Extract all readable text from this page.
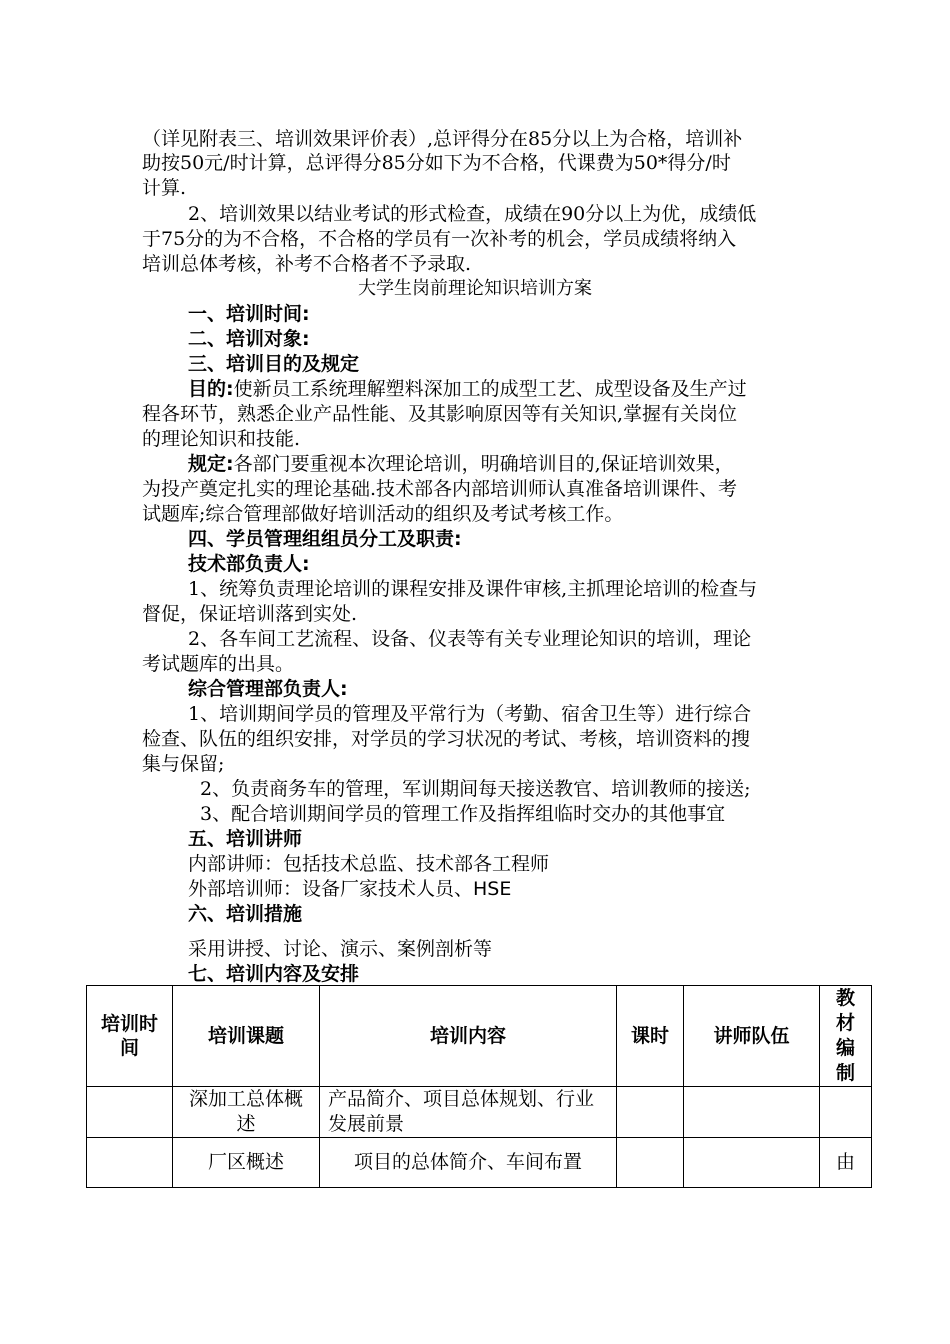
（详见附表三、培训效果评价表）,总评得分在85分以上为合格，培训补
助按50元/时计算，总评得分85分如下为不合格，代课费为50*得分/时
计算.
2、培训效果以结业考试的形式检查，成绩在90分以上为优，成绩低
于75分的为不合格，不合格的学员有一次补考的机会，学员成绩将纳入
培训总体考核，补考不合格者不予录取.
大学生岗前理论知识培训方案
一、培训时间:
二、培训对象:
三、培训目的及规定
目的:使新员工系统理解塑料深加工的成型工艺、成型设备及生产过
程各环节，熟悉企业产品性能、及其影响原因等有关知识,掌握有关岗位
的理论知识和技能.
规定:各部门要重视本次理论培训，明确培训目的,保证培训效果，
为投产奠定扎实的理论基础.技术部各内部培训师认真准备培训课件、考
试题库;综合管理部做好培训活动的组织及考试考核工作。
四、学员管理组组员分工及职责:
技术部负责人:
1、统筹负责理论培训的课程安排及课件审核,主抓理论培训的检查与
督促，保证培训落到实处.
2、各车间工艺流程、设备、仪表等有关专业理论知识的培训，理论
考试题库的出具。
综合管理部负责人:
1、培训期间学员的管理及平常行为（考勤、宿舍卫生等）进行综合
检查、队伍的组织安排，对学员的学习状况的考试、考核，培训资料的搜
集与保留;
2、负责商务车的管理，军训期间每天接送教官、培训教师的接送;
3、配合培训期间学员的管理工作及指挥组临时交办的其他事宜
五、培训讲师
内部讲师：包括技术总监、技术部各工程师
外部培训师：设备厂家技术人员、HSE
六、培训措施
采用讲授、讨论、演示、案例剖析等
七、培训内容及安排
培训时间	培训课题	培训内容	课时	讲师队伍	教材编制
	深加工总体概述	产品简介、项目总体规划、行业发展前景			
	厂区概述	项目的总体简介、车间布置			由
